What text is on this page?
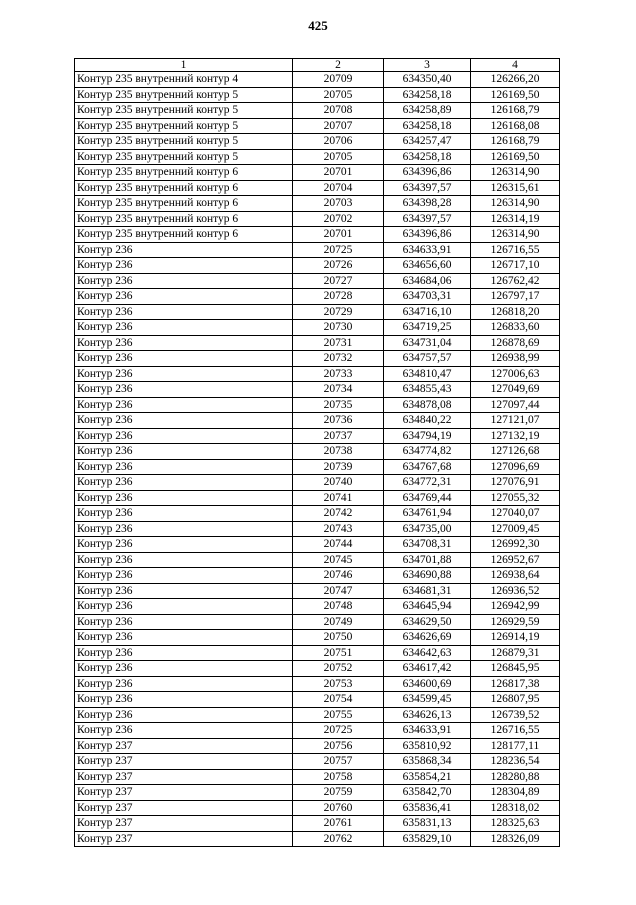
425
1	2	3	4
Контур 235 внутренний контур 4	20709	634350,40	126266,20
Контур 235 внутренний контур 5	20705	634258,18	126169,50
Контур 235 внутренний контур 5	20708	634258,89	126168,79
Контур 235 внутренний контур 5	20707	634258,18	126168,08
Контур 235 внутренний контур 5	20706	634257,47	126168,79
Контур 235 внутренний контур 5	20705	634258,18	126169,50
Контур 235 внутренний контур 6	20701	634396,86	126314,90
Контур 235 внутренний контур 6	20704	634397,57	126315,61
Контур 235 внутренний контур 6	20703	634398,28	126314,90
Контур 235 внутренний контур 6	20702	634397,57	126314,19
Контур 235 внутренний контур 6	20701	634396,86	126314,90
Контур 236	20725	634633,91	126716,55
Контур 236	20726	634656,60	126717,10
Контур 236	20727	634684,06	126762,42
Контур 236	20728	634703,31	126797,17
Контур 236	20729	634716,10	126818,20
Контур 236	20730	634719,25	126833,60
Контур 236	20731	634731,04	126878,69
Контур 236	20732	634757,57	126938,99
Контур 236	20733	634810,47	127006,63
Контур 236	20734	634855,43	127049,69
Контур 236	20735	634878,08	127097,44
Контур 236	20736	634840,22	127121,07
Контур 236	20737	634794,19	127132,19
Контур 236	20738	634774,82	127126,68
Контур 236	20739	634767,68	127096,69
Контур 236	20740	634772,31	127076,91
Контур 236	20741	634769,44	127055,32
Контур 236	20742	634761,94	127040,07
Контур 236	20743	634735,00	127009,45
Контур 236	20744	634708,31	126992,30
Контур 236	20745	634701,88	126952,67
Контур 236	20746	634690,88	126938,64
Контур 236	20747	634681,31	126936,52
Контур 236	20748	634645,94	126942,99
Контур 236	20749	634629,50	126929,59
Контур 236	20750	634626,69	126914,19
Контур 236	20751	634642,63	126879,31
Контур 236	20752	634617,42	126845,95
Контур 236	20753	634600,69	126817,38
Контур 236	20754	634599,45	126807,95
Контур 236	20755	634626,13	126739,52
Контур 236	20725	634633,91	126716,55
Контур 237	20756	635810,92	128177,11
Контур 237	20757	635868,34	128236,54
Контур 237	20758	635854,21	128280,88
Контур 237	20759	635842,70	128304,89
Контур 237	20760	635836,41	128318,02
Контур 237	20761	635831,13	128325,63
Контур 237	20762	635829,10	128326,09
